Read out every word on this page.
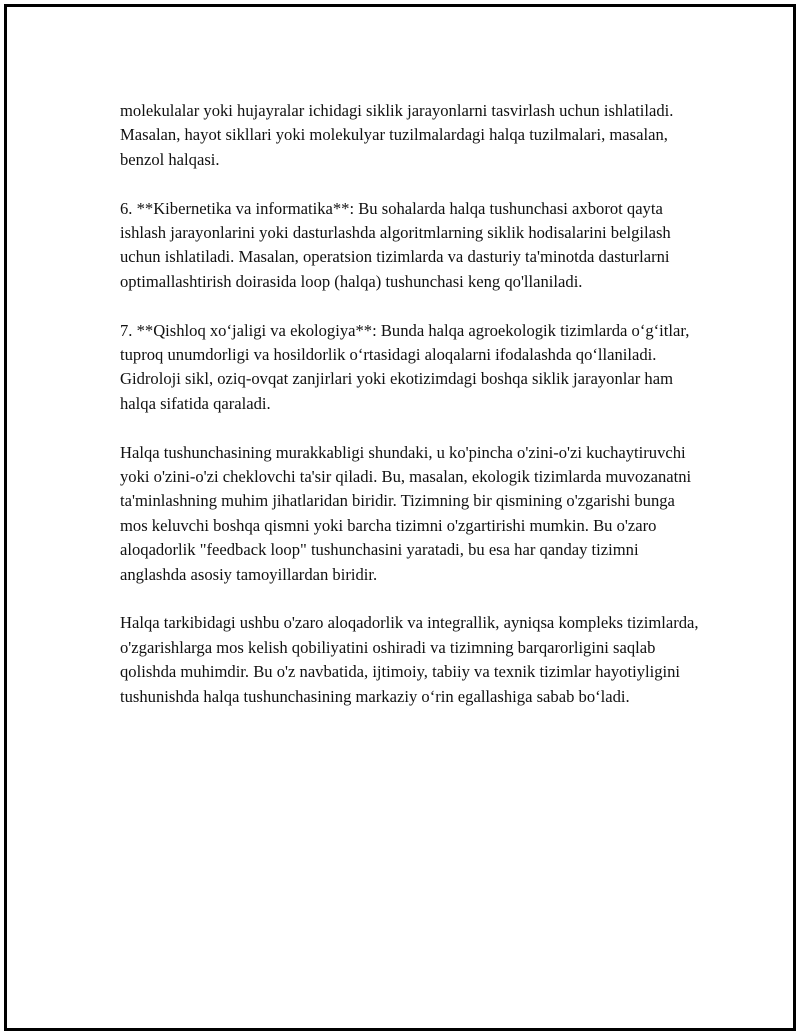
molekulalar yoki hujayralar ichidagi siklik jarayonlarni tasvirlash uchun ishlatiladi. Masalan, hayot sikllari yoki molekulyar tuzilmalardagi halqa tuzilmalari, masalan, benzol halqasi.

6. **Kibernetika va informatika**: Bu sohalarda halqa tushunchasi axborot qayta ishlash jarayonlarini yoki dasturlashda algoritmlarning siklik hodisalarini belgilash uchun ishlatiladi. Masalan, operatsion tizimlarda va dasturiy ta'minotda dasturlarni optimallashtirish doirasida loop (halqa) tushunchasi keng qo'llaniladi.

7. **Qishloq xo‘jaligi va ekologiya**: Bunda halqa agroekologik tizimlarda o‘g‘itlar, tuproq unumdorligi va hosildorlik o‘rtasidagi aloqalarni ifodalashda qo‘llaniladi. Gidroloji sikl, oziq-ovqat zanjirlari yoki ekotizimdagi boshqa siklik jarayonlar ham halqa sifatida qaraladi.

Halqa tushunchasining murakkabligi shundaki, u ko'pincha o'zini-o'zi kuchaytiruvchi yoki o'zini-o'zi cheklovchi ta'sir qiladi. Bu, masalan, ekologik tizimlarda muvozanatni ta'minlashning muhim jihatlaridan biridir. Tizimning bir qismining o'zgarishi bunga mos keluvchi boshqa qismni yoki barcha tizimni o'zgartirishi mumkin. Bu o'zaro aloqadorlik "feedback loop" tushunchasini yaratadi, bu esa har qanday tizimni anglashda asosiy tamoyillardan biridir.

Halqa tarkibidagi ushbu o'zaro aloqadorlik va integrallik, ayniqsa kompleks tizimlarda, o'zgarishlarga mos kelish qobiliyatini oshiradi va tizimning barqarorligini saqlab qolishda muhimdir. Bu o'z navbatida, ijtimoiy, tabiiy va texnik tizimlar hayotiyligini tushunishda halqa tushunchasining markaziy o‘rin egallashiga sabab bo‘ladi.
